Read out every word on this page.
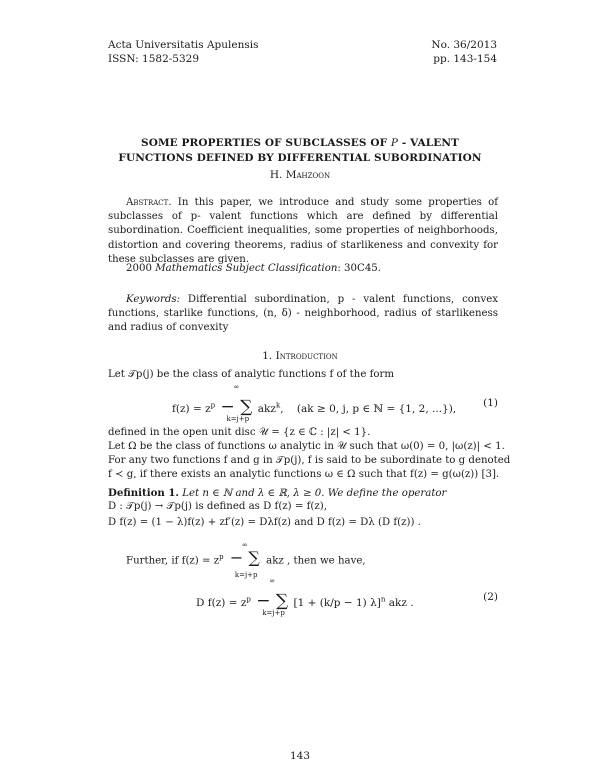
Acta Universitatis Apulensis
ISSN: 1582-5329
No. 36/2013
pp. 143-154
SOME PROPERTIES OF SUBCLASSES OF P - VALENT
FUNCTIONS DEFINED BY DIFFERENTIAL SUBORDINATION
H. Mahzoon
Abstract. In this paper, we introduce and study some properties of subclasses of p- valent functions which are defined by differential subordination. Coefficient inequalities, some properties of neighborhoods, distortion and covering theorems, radius of starlikeness and convexity for these subclasses are given.
2000 Mathematics Subject Classification: 30C45.
Keywords: Differential subordination, p - valent functions, convex functions, starlike functions, (n, δ) - neighborhood, radius of starlikeness and radius of convexity
1. Introduction
Let 𝒯p(j) be the class of analytic functions f of the form
$f(z) = z^p$
∞
− ∑
k=j+p
akz$^k$,    (ak ≥ 0, j, p ∈ ℕ = {1, 2, ...}),	(1)
defined in the open unit disc 𝒰 = {z ∈ ℂ : |z| < 1}.
Let Ω be the class of functions ω analytic in 𝒰 such that ω(0) = 0, |ω(z)| < 1.
For any two functions f and g in 𝒯p(j), f is said to be subordinate to g denoted
f ≺ g, if there exists an analytic functions ω ∈ Ω such that f(z) = g(ω(z)) [3].
Definition 1. Let n ∈ ℕ and λ ∈ ℝ, λ ≥ 0. We define the operator
D : 𝒯p(j) → 𝒯p(j) is defined as D f(z) = f(z),
D f(z) = (1 − λ)f(z) + zf′(z) = Dλf(z) and D f(z) = Dλ (D f(z)) .
Further, if $f(z) = z^p$
∞
− ∑
k=j+p
akz , then we have,
D $f(z) = z^p$
∞
− ∑
k=j+p
[1 + (k/p − 1) λ]$^n$ akz .	(2)
143
